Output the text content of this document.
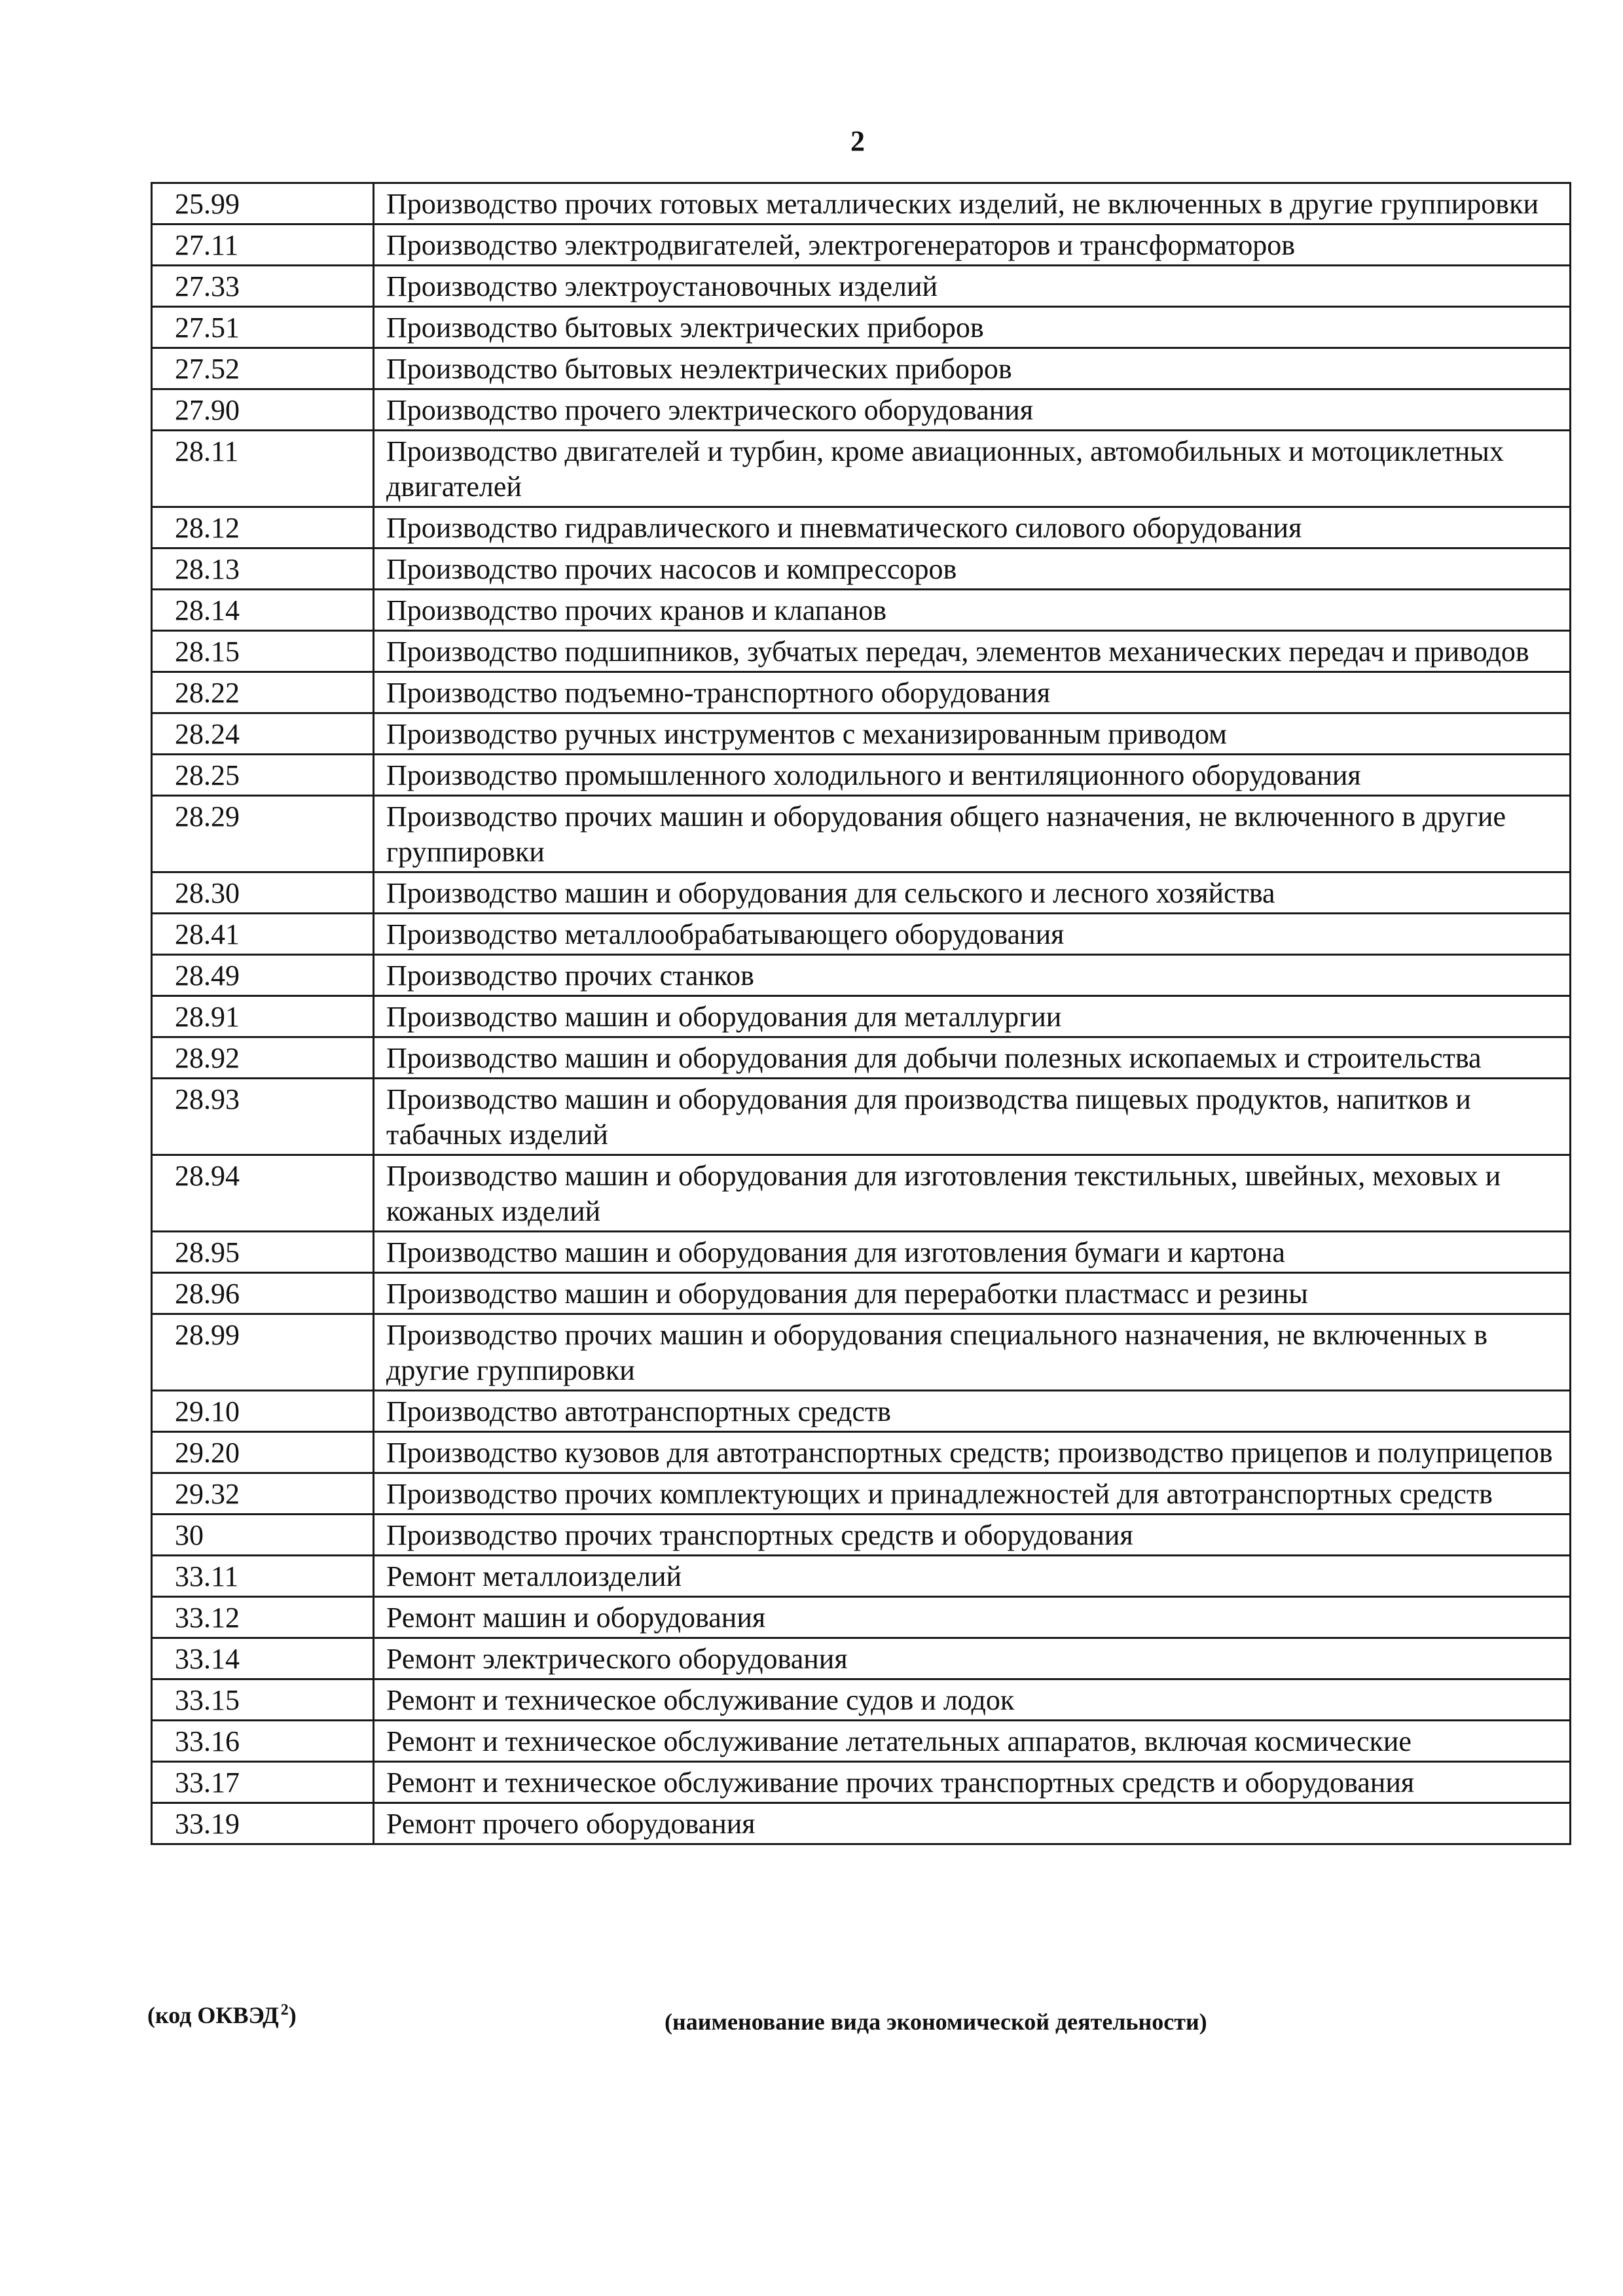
2
25.99	Производство прочих готовых металлических изделий, не включенных в другие группировки
27.11	Производство электродвигателей, электрогенераторов и трансформаторов
27.33	Производство электроустановочных изделий
27.51	Производство бытовых электрических приборов
27.52	Производство бытовых неэлектрических приборов
27.90	Производство прочего электрического оборудования
28.11	Производство двигателей и турбин, кроме авиационных, автомобильных и мотоциклетных двигателей
28.12	Производство гидравлического и пневматического силового оборудования
28.13	Производство прочих насосов и компрессоров
28.14	Производство прочих кранов и клапанов
28.15	Производство подшипников, зубчатых передач, элементов механических передач и приводов
28.22	Производство подъемно-транспортного оборудования
28.24	Производство ручных инструментов с механизированным приводом
28.25	Производство промышленного холодильного и вентиляционного оборудования
28.29	Производство прочих машин и оборудования общего назначения, не включенного в другие группировки
28.30	Производство машин и оборудования для сельского и лесного хозяйства
28.41	Производство металлообрабатывающего оборудования
28.49	Производство прочих станков
28.91	Производство машин и оборудования для металлургии
28.92	Производство машин и оборудования для добычи полезных ископаемых и строительства
28.93	Производство машин и оборудования для производства пищевых продуктов, напитков и табачных изделий
28.94	Производство машин и оборудования для изготовления текстильных, швейных, меховых и кожаных изделий
28.95	Производство машин и оборудования для изготовления бумаги и картона
28.96	Производство машин и оборудования для переработки пластмасс и резины
28.99	Производство прочих машин и оборудования специального назначения, не включенных в другие группировки
29.10	Производство автотранспортных средств
29.20	Производство кузовов для автотранспортных средств; производство прицепов и полуприцепов
29.32	Производство прочих комплектующих и принадлежностей для автотранспортных средств
30	Производство прочих транспортных средств и оборудования
33.11	Ремонт металлоизделий
33.12	Ремонт машин и оборудования
33.14	Ремонт электрического оборудования
33.15	Ремонт и техническое обслуживание судов и лодок
33.16	Ремонт и техническое обслуживание летательных аппаратов, включая космические
33.17	Ремонт и техническое обслуживание прочих транспортных средств и оборудования
33.19	Ремонт прочего оборудования
(код ОКВЭД  $^2$)	(наименование вида экономической деятельности)
